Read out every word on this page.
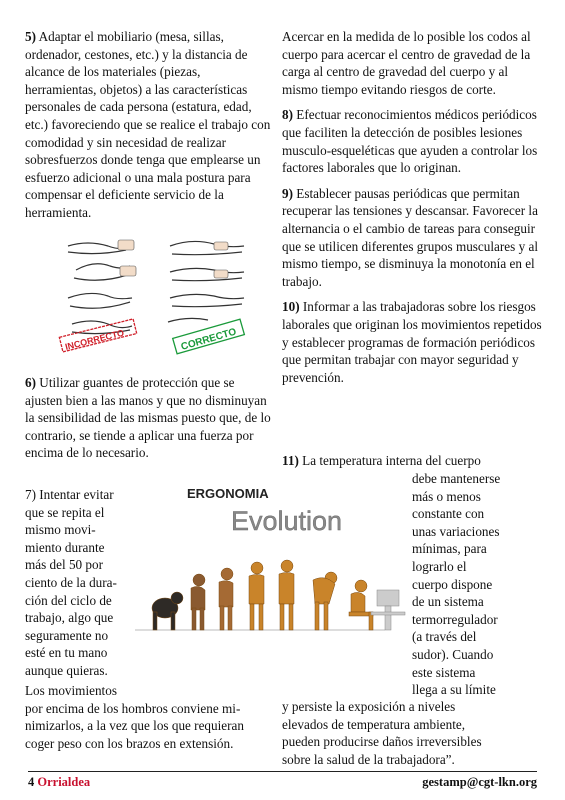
5) Adaptar el mobiliario (mesa, sillas, ordenador, cestones, etc.) y la distancia de alcance de los materiales (piezas, herramientas, objetos) a las características personales de cada persona (estatura, edad, etc.) favoreciendo que se realice el trabajo con comodidad y sin necesidad de realizar sobresfuerzos donde tenga que emplearse un esfuerzo adicional o una mala postura para compensar el deficiente servicio de la herramienta.

INCORRECTO	CORRECTO

6) Utilizar guantes de protección que se ajusten bien a las manos y que no disminuyan la sensibilidad de las mismas puesto que, de lo contrario, se tiende a aplicar una fuerza por encima de lo necesario.

7) Intentar evitar
que se repita el
mismo movi-
miento durante
más del 50 por
ciento de la dura-
ción del ciclo de
trabajo, algo que
seguramente no
esté en tu mano
aunque quieras.
Los movimientos
por encima de los hombros conviene mi-
nimizarlos, a la vez que los que requieran
coger peso con los brazos en extensión.
ERGONOMIA
Evolution

Acercar en la medida de lo posible los codos al cuerpo para acercar el centro de gravedad de la carga al centro de gravedad del cuerpo y al mismo tiempo evitando riesgos de corte.

8) Efectuar reconocimientos médicos periódicos que faciliten la detección de posibles lesiones musculo-esqueléticas que ayuden a controlar los factores laborales que lo originan.

9) Establecer pausas periódicas que permitan recuperar las tensiones y descansar. Favorecer la alternancia o el cambio de tareas para conseguir que se utilicen diferentes grupos musculares y al mismo tiempo, se disminuya la monotonía en el trabajo.

10) Informar a las trabajadoras sobre los riesgos laborales que originan los movimientos repetidos y establecer programas de formación periódicos que permitan trabajar con mayor seguridad y prevención.

11) La temperatura interna del cuerpo
debe mantenerse
más o menos
constante con
unas variaciones
mínimas, para
lograrlo el
cuerpo dispone
de un sistema
termorregulador
(a través del
sudor). Cuando
este sistema
llega a su límite
y persiste la exposición a niveles
elevados de temperatura ambiente,
pueden producirse daños irreversibles
sobre la salud de la trabajadora”.
4 Orrialdea	gestamp@cgt-lkn.org
